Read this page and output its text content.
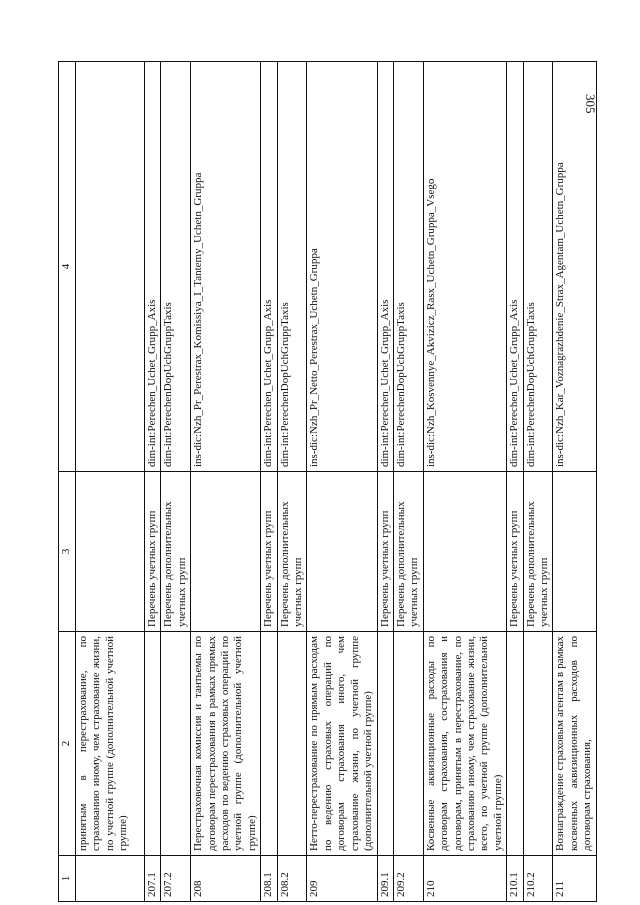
305
1	2	3	4
	принятым в перестрахование, по страхованию иному, чем страхование жизни, по учетной группе (дополнительной учетной группе)		
207.1		Перечень учетных групп	dim-int:Perechen_Uchet_Grupp_Axis
207.2		Перечень дополнительных учетных групп	dim-int:PerechenDopUchGruppTaxis
208	Перестраховочная комиссия и тантьемы по договорам перестрахования в рамках прямых расходов по ведению страховых операций по учетной группе (дополнительной учетной группе)		ins-dic:Nzh_Pr_Perestrax_Komissiya_I_Tantemy_Uchetn_Gruppa
208.1		Перечень учетных групп	dim-int:Perechen_Uchet_Grupp_Axis
208.2		Перечень дополнительных учетных групп	dim-int:PerechenDopUchGruppTaxis
209	Нетто-перестрахование по прямым расходам по ведению страховых операций по договорам страхования иного, чем страхование жизни, по учетной группе (дополнительной учетной группе)		ins-dic:Nzh_Pr_Netto_Perestrax_Uchetn_Gruppa
209.1		Перечень учетных групп	dim-int:Perechen_Uchet_Grupp_Axis
209.2		Перечень дополнительных учетных групп	dim-int:PerechenDopUchGruppTaxis
210	Косвенные аквизиционные расходы по договорам страхования, сострахования и договорам, принятым в перестрахование, по страхованию иному, чем страхование жизни, всего, по учетной группе (дополнительной учетной группе)		ins-dic:Nzh_Kosvennye_Akvizicz_Rasx_Uchetn_Gruppa_Vsego
210.1		Перечень учетных групп	dim-int:Perechen_Uchet_Grupp_Axis
210.2		Перечень дополнительных учетных групп	dim-int:PerechenDopUchGruppTaxis
211	Вознаграждение страховым агентам в рамках косвенных аквизиционных расходов по договорам страхования,		ins-dic:Nzh_Kar_Voznagrazhdenie_Strax_Agentam_Uchetn_Gruppa
